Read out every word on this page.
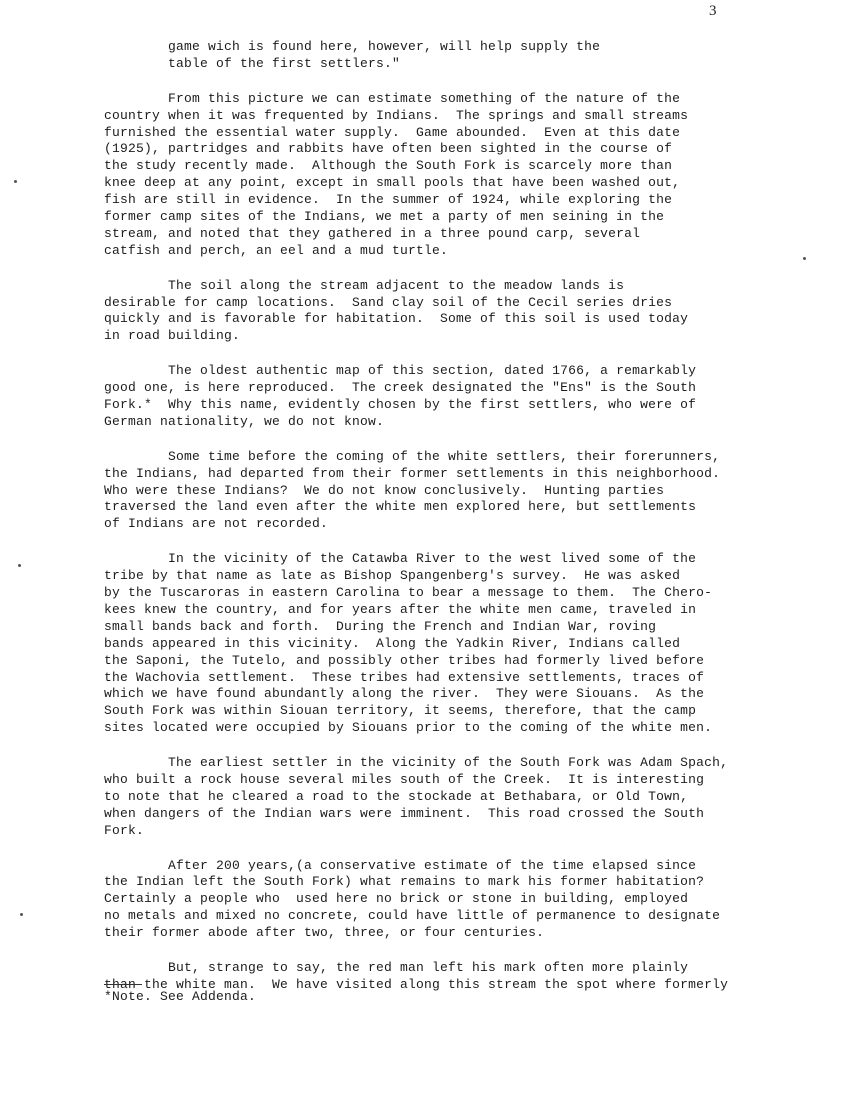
3
game wich is found here, however, will help supply the
table of the first settlers."
From this picture we can estimate something of the nature of the
country when it was frequented by Indians.  The springs and small streams
furnished the essential water supply.  Game abounded.  Even at this date
(1925), partridges and rabbits have often been sighted in the course of
the study recently made.  Although the South Fork is scarcely more than
knee deep at any point, except in small pools that have been washed out,
fish are still in evidence.  In the summer of 1924, while exploring the
former camp sites of the Indians, we met a party of men seining in the
stream, and noted that they gathered in a three pound carp, several
catfish and perch, an eel and a mud turtle.
The soil along the stream adjacent to the meadow lands is
desirable for camp locations.  Sand clay soil of the Cecil series dries
quickly and is favorable for habitation.  Some of this soil is used today
in road building.
The oldest authentic map of this section, dated 1766, a remarkably
good one, is here reproduced.  The creek designated the "Ens" is the South
Fork.*  Why this name, evidently chosen by the first settlers, who were of
German nationality, we do not know.
Some time before the coming of the white settlers, their forerunners,
the Indians, had departed from their former settlements in this neighborhood.
Who were these Indians?  We do not know conclusively.  Hunting parties
traversed the land even after the white men explored here, but settlements
of Indians are not recorded.
In the vicinity of the Catawba River to the west lived some of the
tribe by that name as late as Bishop Spangenberg's survey.  He was asked
by the Tuscaroras in eastern Carolina to bear a message to them.  The Chero-
kees knew the country, and for years after the white men came, traveled in
small bands back and forth.  During the French and Indian War, roving
bands appeared in this vicinity.  Along the Yadkin River, Indians called
the Saponi, the Tutelo, and possibly other tribes had formerly lived before
the Wachovia settlement.  These tribes had extensive settlements, traces of
which we have found abundantly along the river.  They were Siouans.  As the
South Fork was within Siouan territory, it seems, therefore, that the camp
sites located were occupied by Siouans prior to the coming of the white men.
The earliest settler in the vicinity of the South Fork was Adam Spach,
who built a rock house several miles south of the Creek.  It is interesting
to note that he cleared a road to the stockade at Bethabara, or Old Town,
when dangers of the Indian wars were imminent.  This road crossed the South
Fork.
After 200 years,(a conservative estimate of the time elapsed since
the Indian left the South Fork) what remains to mark his former habitation?
Certainly a people who  used here no brick or stone in building, employed
no metals and mixed no concrete, could have little of permanence to designate
their former abode after two, three, or four centuries.
But, strange to say, the red man left his mark often more plainly
than the white man.  We have visited along this stream the spot where formerly
*Note. See Addenda.
